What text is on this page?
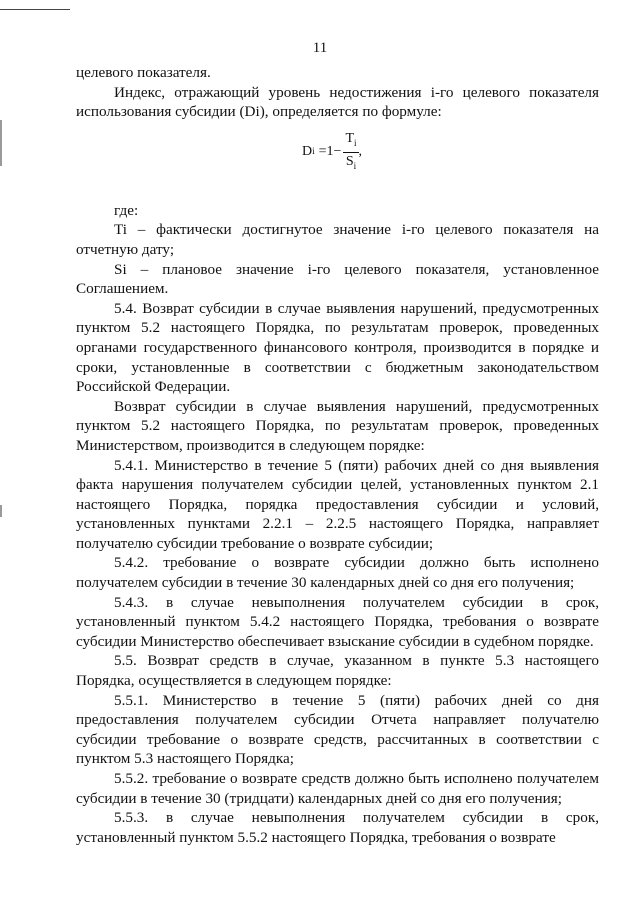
11

целевого показателя.

Индекс, отражающий уровень недостижения i-го целевого показателя использования субсидии (Di), определяется по формуле:

D $i =1- \frac{T_i}{S_i}$ ,

где:

Ti – фактически достигнутое значение i-го целевого показателя на отчетную дату;

Si – плановое значение i-го целевого показателя, установленное Соглашением.

5.4. Возврат субсидии в случае выявления нарушений, предусмотренных пунктом 5.2 настоящего Порядка, по результатам проверок, проведенных органами государственного финансового контроля, производится в порядке и сроки, установленные в соответствии с бюджетным законодательством Российской Федерации.

Возврат субсидии в случае выявления нарушений, предусмотренных пунктом 5.2 настоящего Порядка, по результатам проверок, проведенных Министерством, производится в следующем порядке:

5.4.1. Министерство в течение 5 (пяти) рабочих дней со дня выявления факта нарушения получателем субсидии целей, установленных пунктом 2.1 настоящего Порядка, порядка предоставления субсидии и условий, установленных пунктами 2.2.1 – 2.2.5 настоящего Порядка, направляет получателю субсидии требование о возврате субсидии;

5.4.2. требование о возврате субсидии должно быть исполнено получателем субсидии в течение 30 календарных дней со дня его получения;

5.4.3. в случае невыполнения получателем субсидии в срок, установленный пунктом 5.4.2 настоящего Порядка, требования о возврате субсидии Министерство обеспечивает взыскание субсидии в судебном порядке.

5.5. Возврат средств в случае, указанном в пункте 5.3 настоящего Порядка, осуществляется в следующем порядке:

5.5.1. Министерство в течение 5 (пяти) рабочих дней со дня предоставления получателем субсидии Отчета направляет получателю субсидии требование о возврате средств, рассчитанных в соответствии с пунктом 5.3 настоящего Порядка;

5.5.2. требование о возврате средств должно быть исполнено получателем субсидии в течение 30 (тридцати) календарных дней со дня его получения;

5.5.3. в случае невыполнения получателем субсидии в срок, установленный пунктом 5.5.2 настоящего Порядка, требования о возврате
